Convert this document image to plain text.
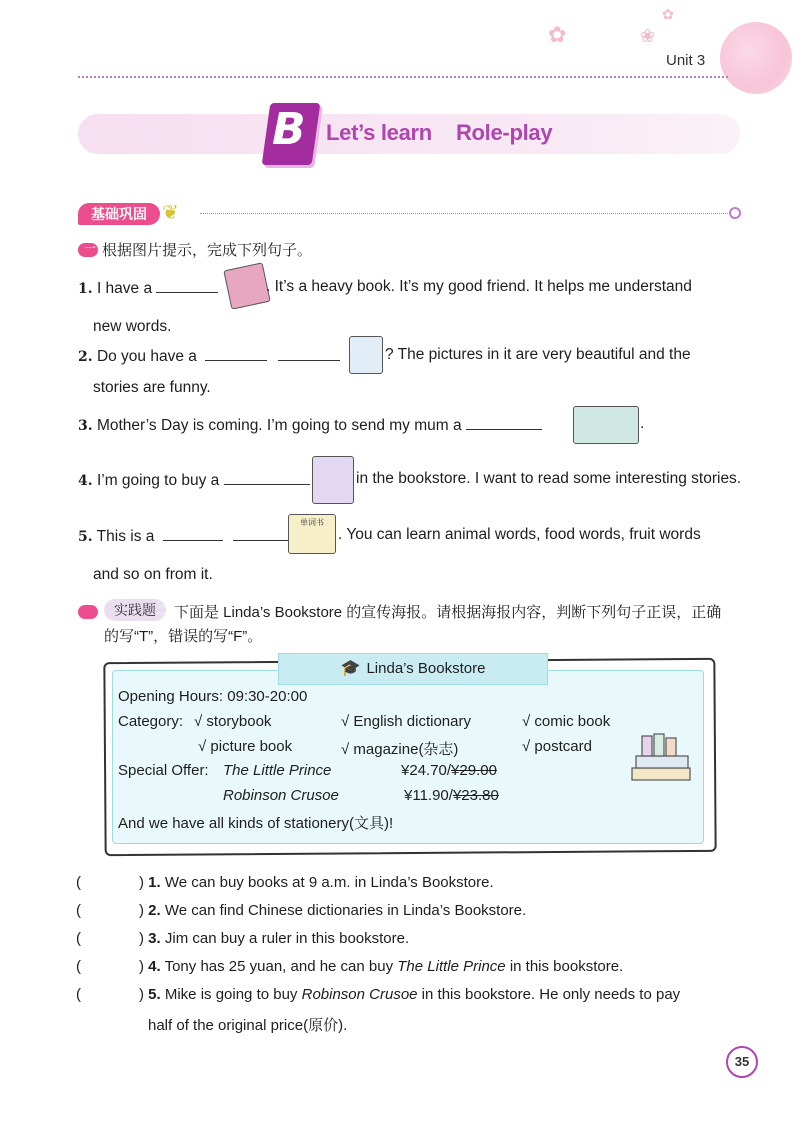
✿	❀
✿
Unit 3
B Let’s learn Role-play
基础巩固 ❦
一 根据图片提示，完成下列句子。
1. I have a	. It’s a heavy book. It’s my good friend. It helps me understand
new words.
2. Do you have a	? The pictures in it are very beautiful and the
stories are funny.
3. Mother’s Day is coming. I’m going to send my mum a	.
4. I’m going to buy a	in the bookstore. I want to read some interesting stories.
5. This is a
单词书
. You can learn animal words, food words, fruit words
and so on from it.
实践题 二 下面是 Linda’s Bookstore 的宣传海报。请根据海报内容，判断下列句子正误，正确
的写“T”，错误的写“F”。
🎓 Linda’s Bookstore
Opening Hours: 09:30-20:00
Category: √ storybook	√ English dictionary	√ comic book
√ picture book	√ magazine(杂志)	√ postcard
Special Offer: The Little Prince	¥24.70/¥29.00
Robinson Crusoe	¥11.90/¥23.80
And we have all kinds of stationery(文具)!
(	) 1. We can buy books at 9 a.m. in Linda’s Bookstore.
(	) 2. We can find Chinese dictionaries in Linda’s Bookstore.
(	) 3. Jim can buy a ruler in this bookstore.
(	) 4. Tony has 25 yuan, and he can buy The Little Prince in this bookstore.
(	) 5. Mike is going to buy Robinson Crusoe in this bookstore. He only needs to pay
half of the original price(原价).
35
